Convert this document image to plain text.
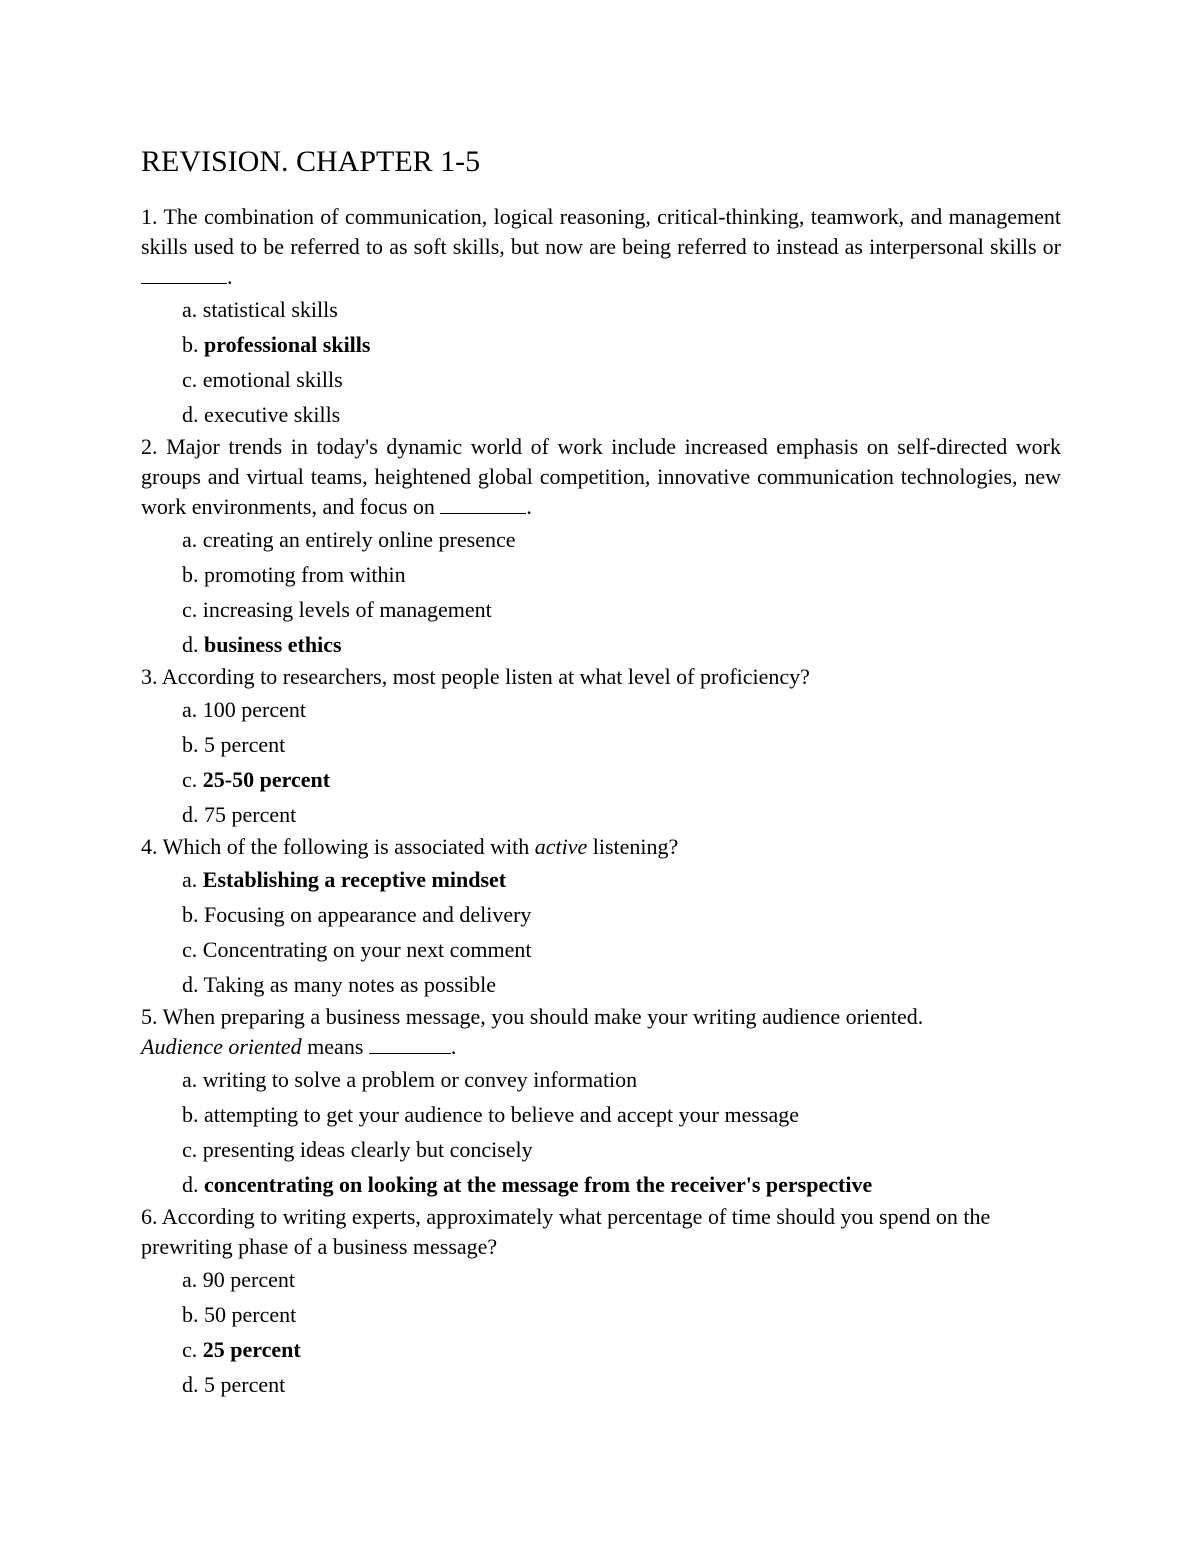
REVISION. CHAPTER 1-5

1. The combination of communication, logical reasoning, critical-thinking, teamwork, and management skills used to be referred to as soft skills, but now are being referred to instead as interpersonal skills or .

a. statistical skills
b. professional skills
c. emotional skills
d. executive skills

2. Major trends in today's dynamic world of work include increased emphasis on self-directed work groups and virtual teams, heightened global competition, innovative communication technologies, new work environments, and focus on	.

a. creating an entirely online presence
b. promoting from within
c. increasing levels of management
d. business ethics

3. According to researchers, most people listen at what level of proficiency?

a. 100 percent
b. 5 percent
c. 25-50 percent
d. 75 percent

4. Which of the following is associated with active listening?

a. Establishing a receptive mindset
b. Focusing on appearance and delivery
c. Concentrating on your next comment
d. Taking as many notes as possible

5. When preparing a business message, you should make your writing audience oriented.
Audience oriented means	.

a. writing to solve a problem or convey information
b. attempting to get your audience to believe and accept your message
c. presenting ideas clearly but concisely
d. concentrating on looking at the message from the receiver's perspective

6. According to writing experts, approximately what percentage of time should you spend on the prewriting phase of a business message?

a. 90 percent
b. 50 percent
c. 25 percent
d. 5 percent
